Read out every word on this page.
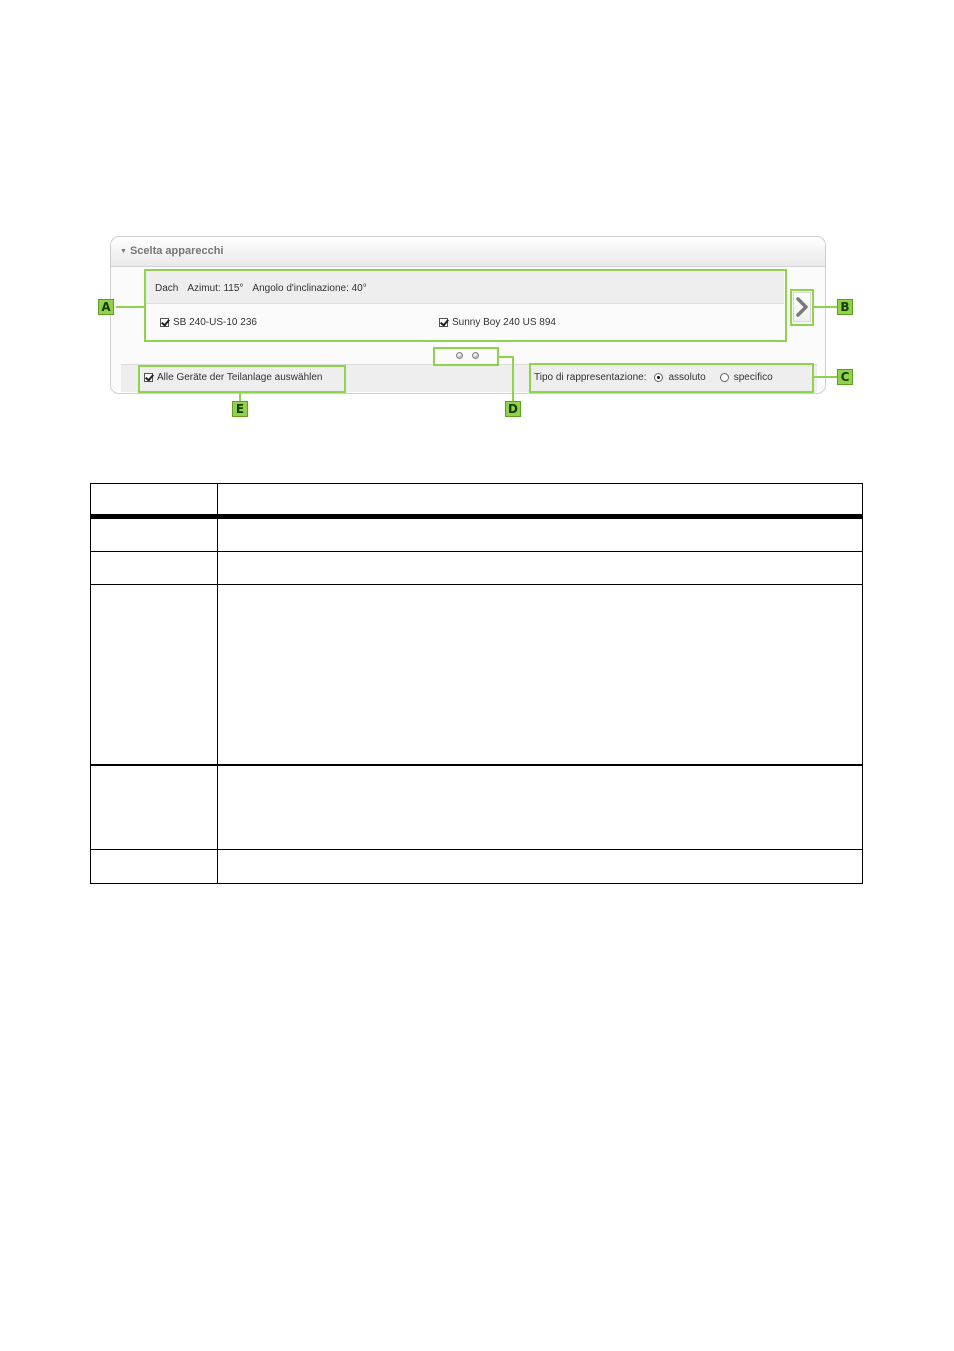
▼ Scelta apparecchi
Dach Azimut: 115° Angolo d'inclinazione: 40°
SB 240-US-10 236	Sunny Boy 240 US 894
Alle Geräte der Teilanlage auswählen	Tipo di rappresentazione: assoluto	specifico
A	B
C
D
E
